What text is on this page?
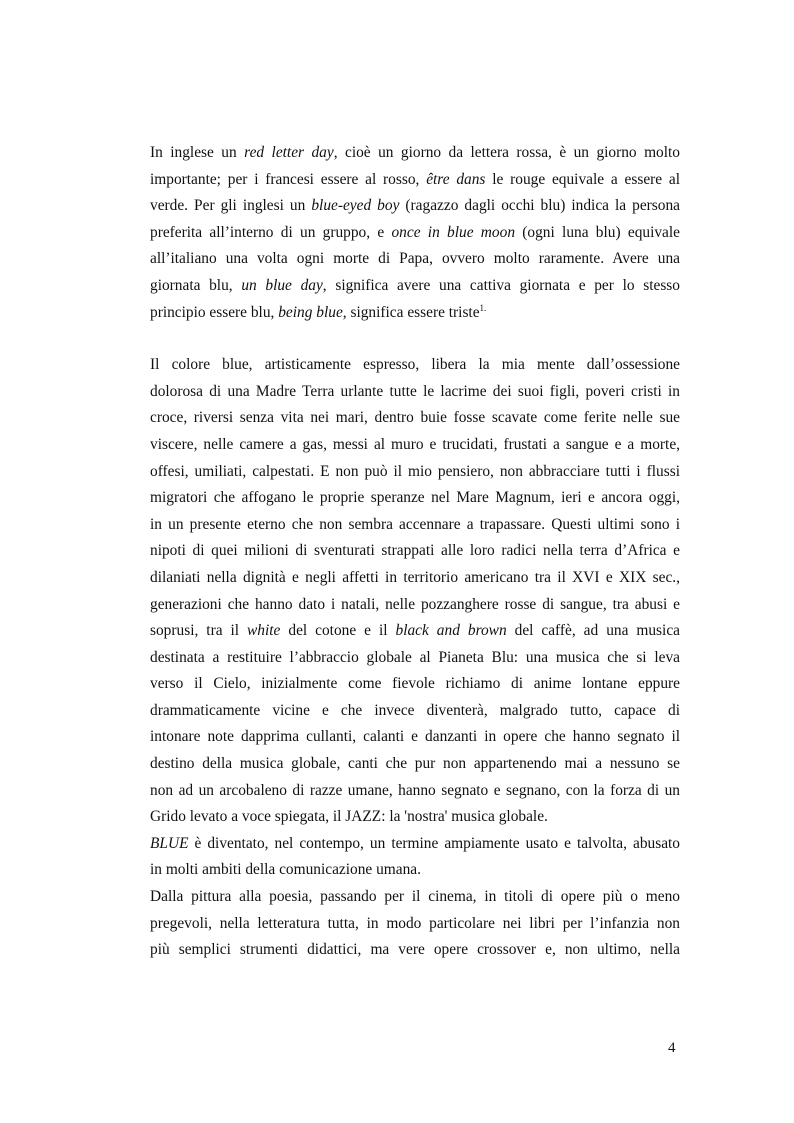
In inglese un red letter day, cioè un giorno da lettera rossa, è un giorno molto
importante; per i francesi essere al rosso, être dans le rouge equivale a essere al
verde. Per gli inglesi un blue-eyed boy (ragazzo dagli occhi blu) indica la persona
preferita all’interno di un gruppo, e once in blue moon (ogni luna blu) equivale
all’italiano una volta ogni morte di Papa, ovvero molto raramente. Avere una
giornata blu, un blue day, significa avere una cattiva giornata e per lo stesso
principio essere blu, being blue, significa essere triste$^{1.}$
Il colore blue, artisticamente espresso, libera la mia mente dall’ossessione
dolorosa di una Madre Terra urlante tutte le lacrime dei suoi figli, poveri cristi in
croce, riversi senza vita nei mari, dentro buie fosse scavate come ferite nelle sue
viscere, nelle camere a gas, messi al muro e trucidati, frustati a sangue e a morte,
offesi, umiliati, calpestati. E non può il mio pensiero, non abbracciare tutti i flussi
migratori che affogano le proprie speranze nel Mare Magnum, ieri e ancora oggi,
in un presente eterno che non sembra accennare a trapassare. Questi ultimi sono i
nipoti di quei milioni di sventurati strappati alle loro radici nella terra d’Africa e
dilaniati nella dignità e negli affetti in territorio americano tra il XVI e XIX sec.,
generazioni che hanno dato i natali, nelle pozzanghere rosse di sangue, tra abusi e
soprusi, tra il white del cotone e il black and brown del caffè, ad una musica
destinata a restituire l’abbraccio globale al Pianeta Blu: una musica che si leva
verso il Cielo, inizialmente come fievole richiamo di anime lontane eppure
drammaticamente vicine e che invece diventerà, malgrado tutto, capace di
intonare note dapprima cullanti, calanti e danzanti in opere che hanno segnato il
destino della musica globale, canti che pur non appartenendo mai a nessuno se
non ad un arcobaleno di razze umane, hanno segnato e segnano, con la forza di un
Grido levato a voce spiegata, il JAZZ: la 'nostra' musica globale.
BLUE è diventato, nel contempo, un termine ampiamente usato e talvolta, abusato
in molti ambiti della comunicazione umana.
Dalla pittura alla poesia, passando per il cinema, in titoli di opere più o meno
pregevoli, nella letteratura tutta, in modo particolare nei libri per l’infanzia non
più semplici strumenti didattici, ma vere opere crossover e, non ultimo, nella
4
